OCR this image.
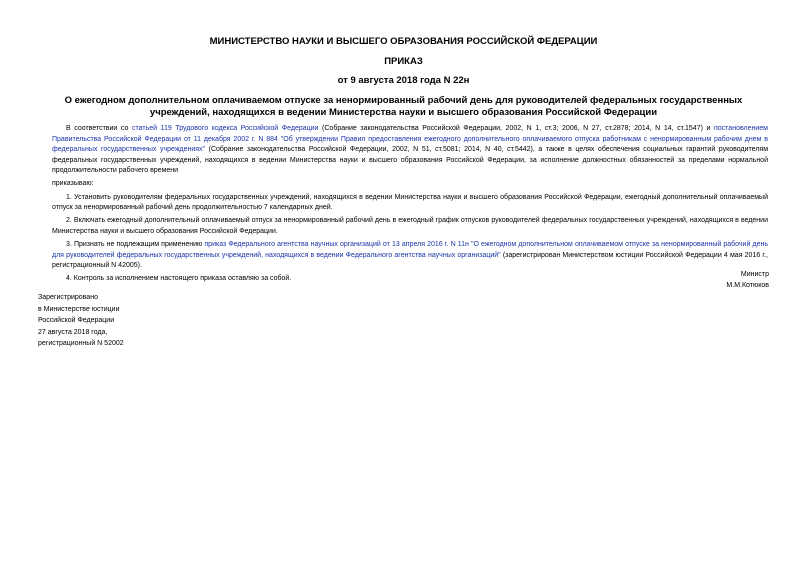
МИНИСТЕРСТВО НАУКИ И ВЫСШЕГО ОБРАЗОВАНИЯ РОССИЙСКОЙ ФЕДЕРАЦИИ
ПРИКАЗ
от 9 августа 2018 года N 22н
О ежегодном дополнительном оплачиваемом отпуске за ненормированный рабочий день для руководителей федеральных государственных учреждений, находящихся в ведении Министерства науки и высшего образования Российской Федерации

В соответствии со статьей 119 Трудового кодекса Российской Федерации (Собрание законодательства Российской Федерации, 2002, N 1, ст.3; 2006, N 27, ст.2878; 2014, N 14, ст.1547) и постановлением Правительства Российской Федерации от 11 декабря 2002 г. N 884 "Об утверждении Правил предоставления ежегодного дополнительного оплачиваемого отпуска работникам с ненормированным рабочим днем в федеральных государственных учреждениях" (Собрание законодательства Российской Федерации, 2002, N 51, ст.5081; 2014, N 40, ст.5442), а также в целях обеспечения социальных гарантий руководителям федеральных государственных учреждений, находящихся в ведении Министерства науки и высшего образования Российской Федерации, за исполнение должностных обязанностей за пределами нормальной продолжительности рабочего времени

приказываю:

1. Установить руководителям федеральных государственных учреждений, находящихся в ведении Министерства науки и высшего образования Российской Федерации, ежегодный дополнительный оплачиваемый отпуск за ненормированный рабочий день продолжительностью 7 календарных дней.

2. Включать ежегодный дополнительный оплачиваемый отпуск за ненормированный рабочий день в ежегодный график отпусков руководителей федеральных государственных учреждений, находящихся в ведении Министерства науки и высшего образования Российской Федерации.

3. Признать не подлежащим применению приказ Федерального агентства научных организаций от 13 апреля 2016 г. N 11н "О ежегодном дополнительном оплачиваемом отпуске за ненормированный рабочий день для руководителей федеральных государственных учреждений, находящихся в ведении Федерального агентства научных организаций" (зарегистрирован Министерством юстиции Российской Федерации 4 мая 2016 г., регистрационный N 42005).

4. Контроль за исполнением настоящего приказа оставляю за собой.

Министр
М.М.Котюков
Зарегистрировано
в Министерстве юстиции
Российской Федерации
27 августа 2018 года,
регистрационный N 52002
